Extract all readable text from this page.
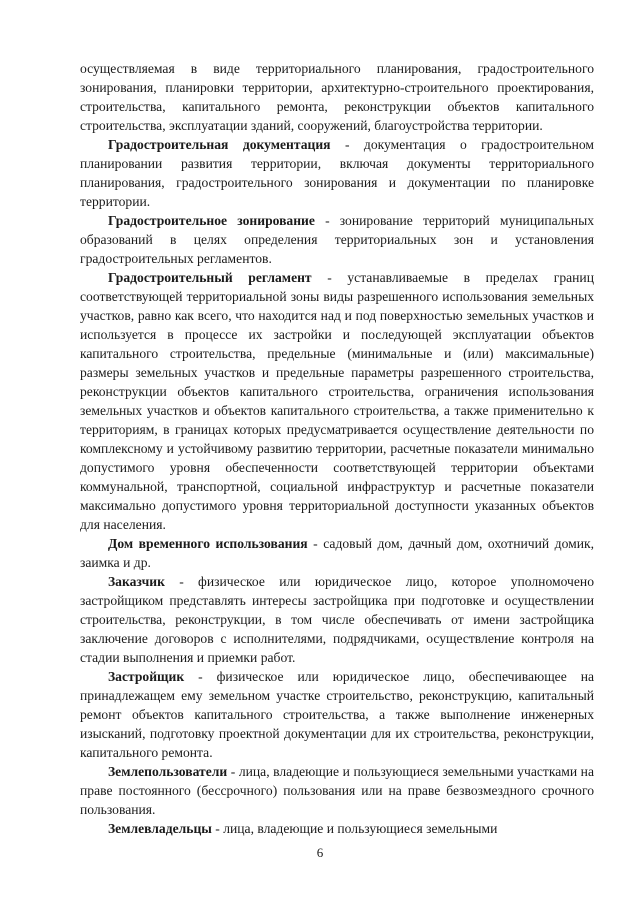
осуществляемая в виде территориального планирования, градостроительного зонирования, планировки территории, архитектурно-строительного проектирования, строительства, капитального ремонта, реконструкции объектов капитального строительства, эксплуатации зданий, сооружений, благоустройства территории.

Градостроительная документация - документация о градостроительном планировании развития территории, включая документы территориального планирования, градостроительного зонирования и документации по планировке территории.

Градостроительное зонирование - зонирование территорий муниципальных образований в целях определения территориальных зон и установления градостроительных регламентов.

Градостроительный регламент - устанавливаемые в пределах границ соответствующей территориальной зоны виды разрешенного использования земельных участков, равно как всего, что находится над и под поверхностью земельных участков и используется в процессе их застройки и последующей эксплуатации объектов капитального строительства, предельные (минимальные и (или) максимальные) размеры земельных участков и предельные параметры разрешенного строительства, реконструкции объектов капитального строительства, ограничения использования земельных участков и объектов капитального строительства, а также применительно к территориям, в границах которых предусматривается осуществление деятельности по комплексному и устойчивому развитию территории, расчетные показатели минимально допустимого уровня обеспеченности соответствующей территории объектами коммунальной, транспортной, социальной инфраструктур и расчетные показатели максимально допустимого уровня территориальной доступности указанных объектов для населения.

Дом временного использования - садовый дом, дачный дом, охотничий домик, заимка и др.

Заказчик - физическое или юридическое лицо, которое уполномочено застройщиком представлять интересы застройщика при подготовке и осуществлении строительства, реконструкции, в том числе обеспечивать от имени застройщика заключение договоров с исполнителями, подрядчиками, осуществление контроля на стадии выполнения и приемки работ.

Застройщик - физическое или юридическое лицо, обеспечивающее на принадлежащем ему земельном участке строительство, реконструкцию, капитальный ремонт объектов капитального строительства, а также выполнение инженерных изысканий, подготовку проектной документации для их строительства, реконструкции, капитального ремонта.

Землепользователи - лица, владеющие и пользующиеся земельными участками на праве постоянного (бессрочного) пользования или на праве безвозмездного срочного пользования.

Землевладельцы - лица, владеющие и пользующиеся земельными

6
